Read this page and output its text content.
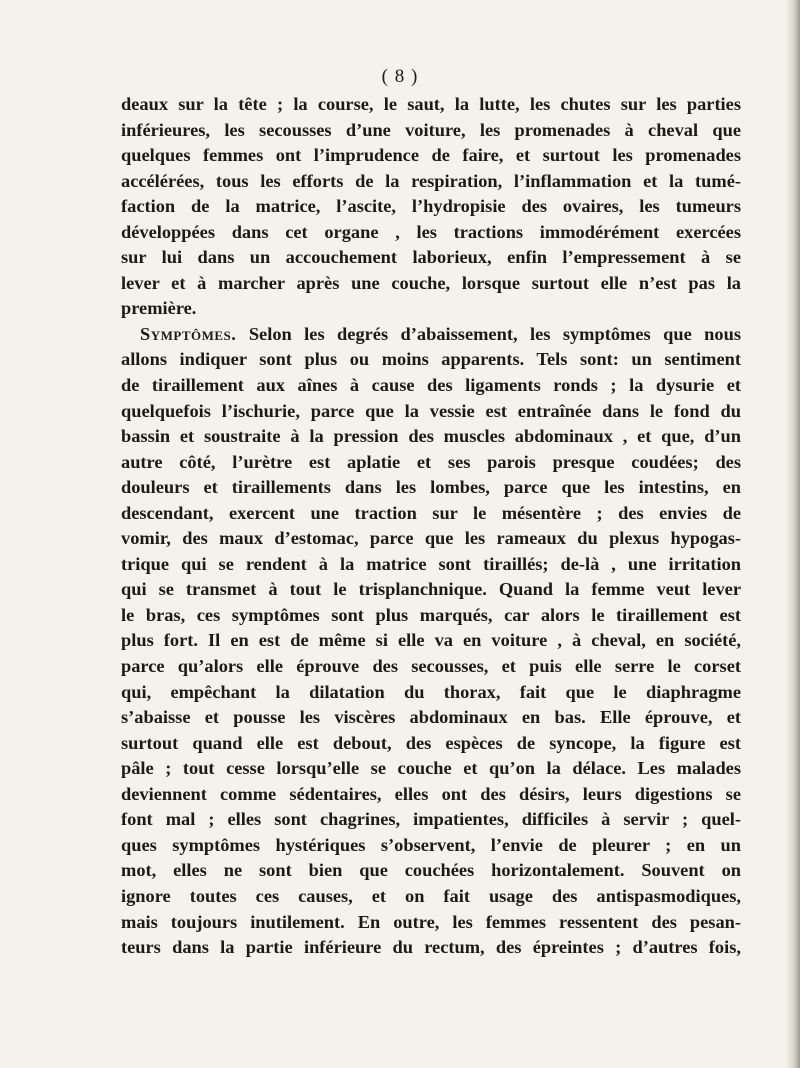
( 8 )
deaux sur la tête ; la course, le saut, la lutte, les chutes sur les parties
inférieures, les secousses d’une voiture, les promenades à cheval que
quelques femmes ont l’imprudence de faire, et surtout les promenades
accélérées, tous les efforts de la respiration, l’inflammation et la tumé-
faction de la matrice, l’ascite, l’hydropisie des ovaires, les tumeurs
développées dans cet organe , les tractions immodérément exercées
sur lui dans un accouchement laborieux, enfin l’empressement à se
lever et à marcher après une couche, lorsque surtout elle n’est pas la
première.
Symptômes. Selon les degrés d’abaissement, les symptômes que nous
allons indiquer sont plus ou moins apparents. Tels sont: un sentiment
de tiraillement aux aînes à cause des ligaments ronds ; la dysurie et
quelquefois l’ischurie, parce que la vessie est entraînée dans le fond du
bassin et soustraite à la pression des muscles abdominaux , et que, d’un
autre côté, l’urètre est aplatie et ses parois presque coudées; des
douleurs et tiraillements dans les lombes, parce que les intestins, en
descendant, exercent une traction sur le mésentère ; des envies de
vomir, des maux d’estomac, parce que les rameaux du plexus hypogas-
trique qui se rendent à la matrice sont tiraillés; de-là , une irritation
qui se transmet à tout le trisplanchnique. Quand la femme veut lever
le bras, ces symptômes sont plus marqués, car alors le tiraillement est
plus fort. Il en est de même si elle va en voiture , à cheval, en société,
parce qu’alors elle éprouve des secousses, et puis elle serre le corset
qui, empêchant la dilatation du thorax, fait que le diaphragme
s’abaisse et pousse les viscères abdominaux en bas. Elle éprouve, et
surtout quand elle est debout, des espèces de syncope, la figure est
pâle ; tout cesse lorsqu’elle se couche et qu’on la délace. Les malades
deviennent comme sédentaires, elles ont des désirs, leurs digestions se
font mal ; elles sont chagrines, impatientes, difficiles à servir ; quel-
ques symptômes hystériques s’observent, l’envie de pleurer ; en un
mot, elles ne sont bien que couchées horizontalement. Souvent on
ignore toutes ces causes, et on fait usage des antispasmodiques,
mais toujours inutilement. En outre, les femmes ressentent des pesan-
teurs dans la partie inférieure du rectum, des épreintes ; d’autres fois,
